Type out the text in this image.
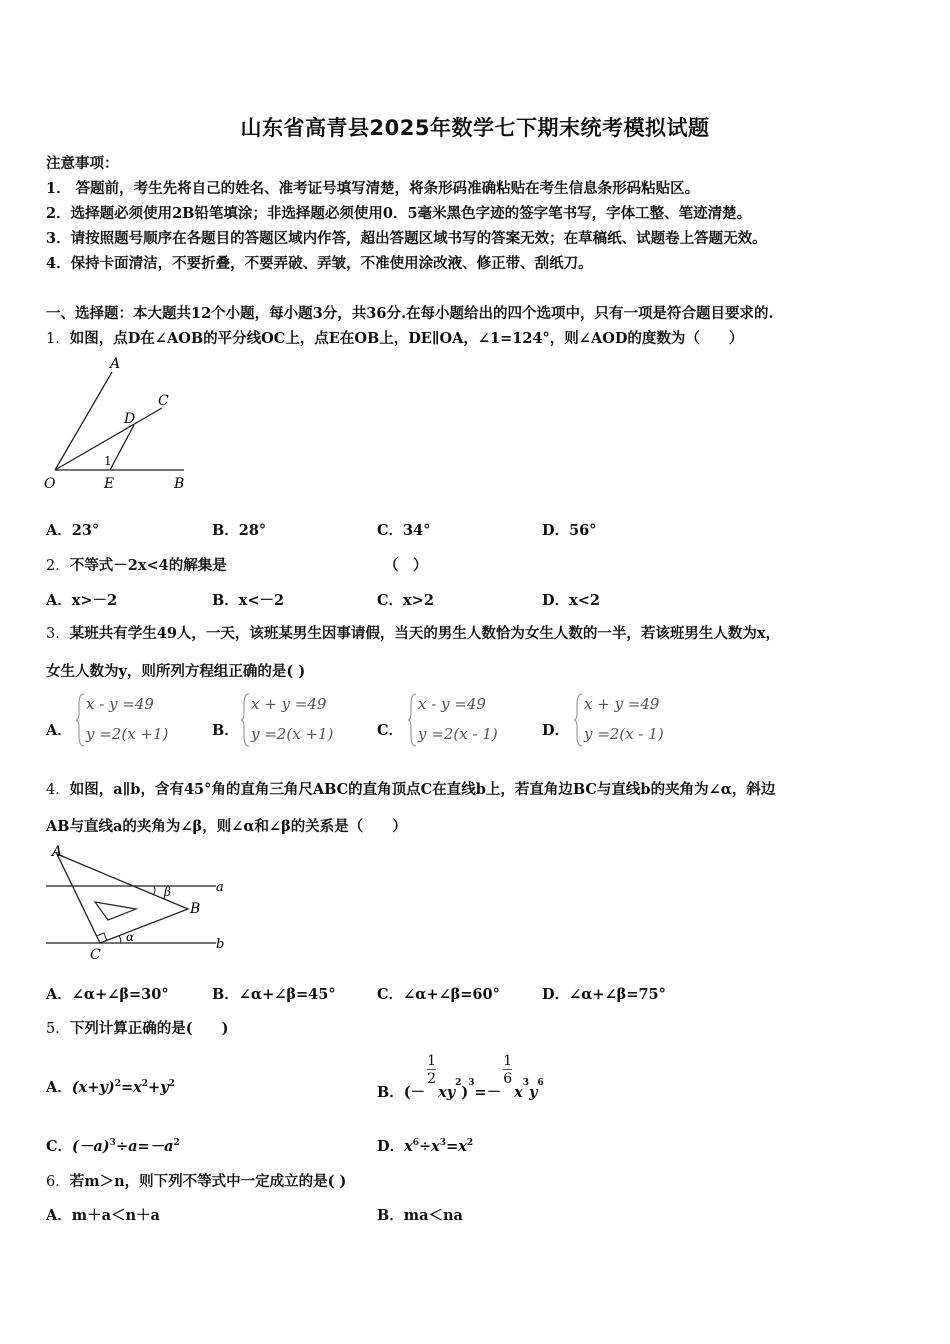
山东省高青县2025年数学七下期末统考模拟试题
注意事项：
1． 答题前，考生先将自己的姓名、准考证号填写清楚，将条形码准确粘贴在考生信息条形码粘贴区。
2．选择题必须使用2B铅笔填涂；非选择题必须使用0．5毫米黑色字迹的签字笔书写，字体工整、笔迹清楚。
3．请按照题号顺序在各题目的答题区域内作答，超出答题区域书写的答案无效；在草稿纸、试题卷上答题无效。
4．保持卡面清洁，不要折叠，不要弄破、弄皱，不准使用涂改液、修正带、刮纸刀。
一、选择题：本大题共12个小题，每小题3分，共36分.在每小题给出的四个选项中，只有一项是符合题目要求的.
1．如图，点D在∠AOB的平分线OC上，点E在OB上，DE∥OA，∠1=124°，则∠AOD的度数为（　　）
A
C
D
1
O	E	B
A．23°	B．28°	C．34°	D．56°
2．不等式－2x<4的解集是	（　）
A．x>－2	B．x<－2	C．x>2	D．x<2
3．某班共有学生49人，一天，该班某男生因事请假，当天的男生人数恰为女生人数的一半，若该班男生人数为x，
女生人数为y，则所列方程组正确的是( )
A．	B．	C．	D．
x - y =49
y =2(x +1)
x + y =49
y =2(x +1)
x - y =49
y =2(x - 1)
x + y =49
y =2(x - 1)
4．如图，a∥b，含有45°角的直角三角尺ABC的直角顶点C在直线b上，若直角边BC与直线b的夹角为∠α，斜边
AB与直线a的夹角为∠β，则∠α和∠β的关系是（　　）
A
B
C
a
b
α
β
A．∠α+∠β=30°	B．∠α+∠β=45°	C．∠α+∠β=60°	D．∠α+∠β=75°
5．下列计算正确的是(　　)
A．$(x+y)^2=x^2+y^2$	B．(－
$\frac{1}{2}$
$xy^2)^3=-$
$\frac{1}{6}$
$x^3y^6$
C．$(-a)^3\div a=-a^2$	D．$x^6\div x^3=x^2$
6．若m＞n，则下列不等式中一定成立的是( )
A．m＋a＜n＋a	B．ma＜na
